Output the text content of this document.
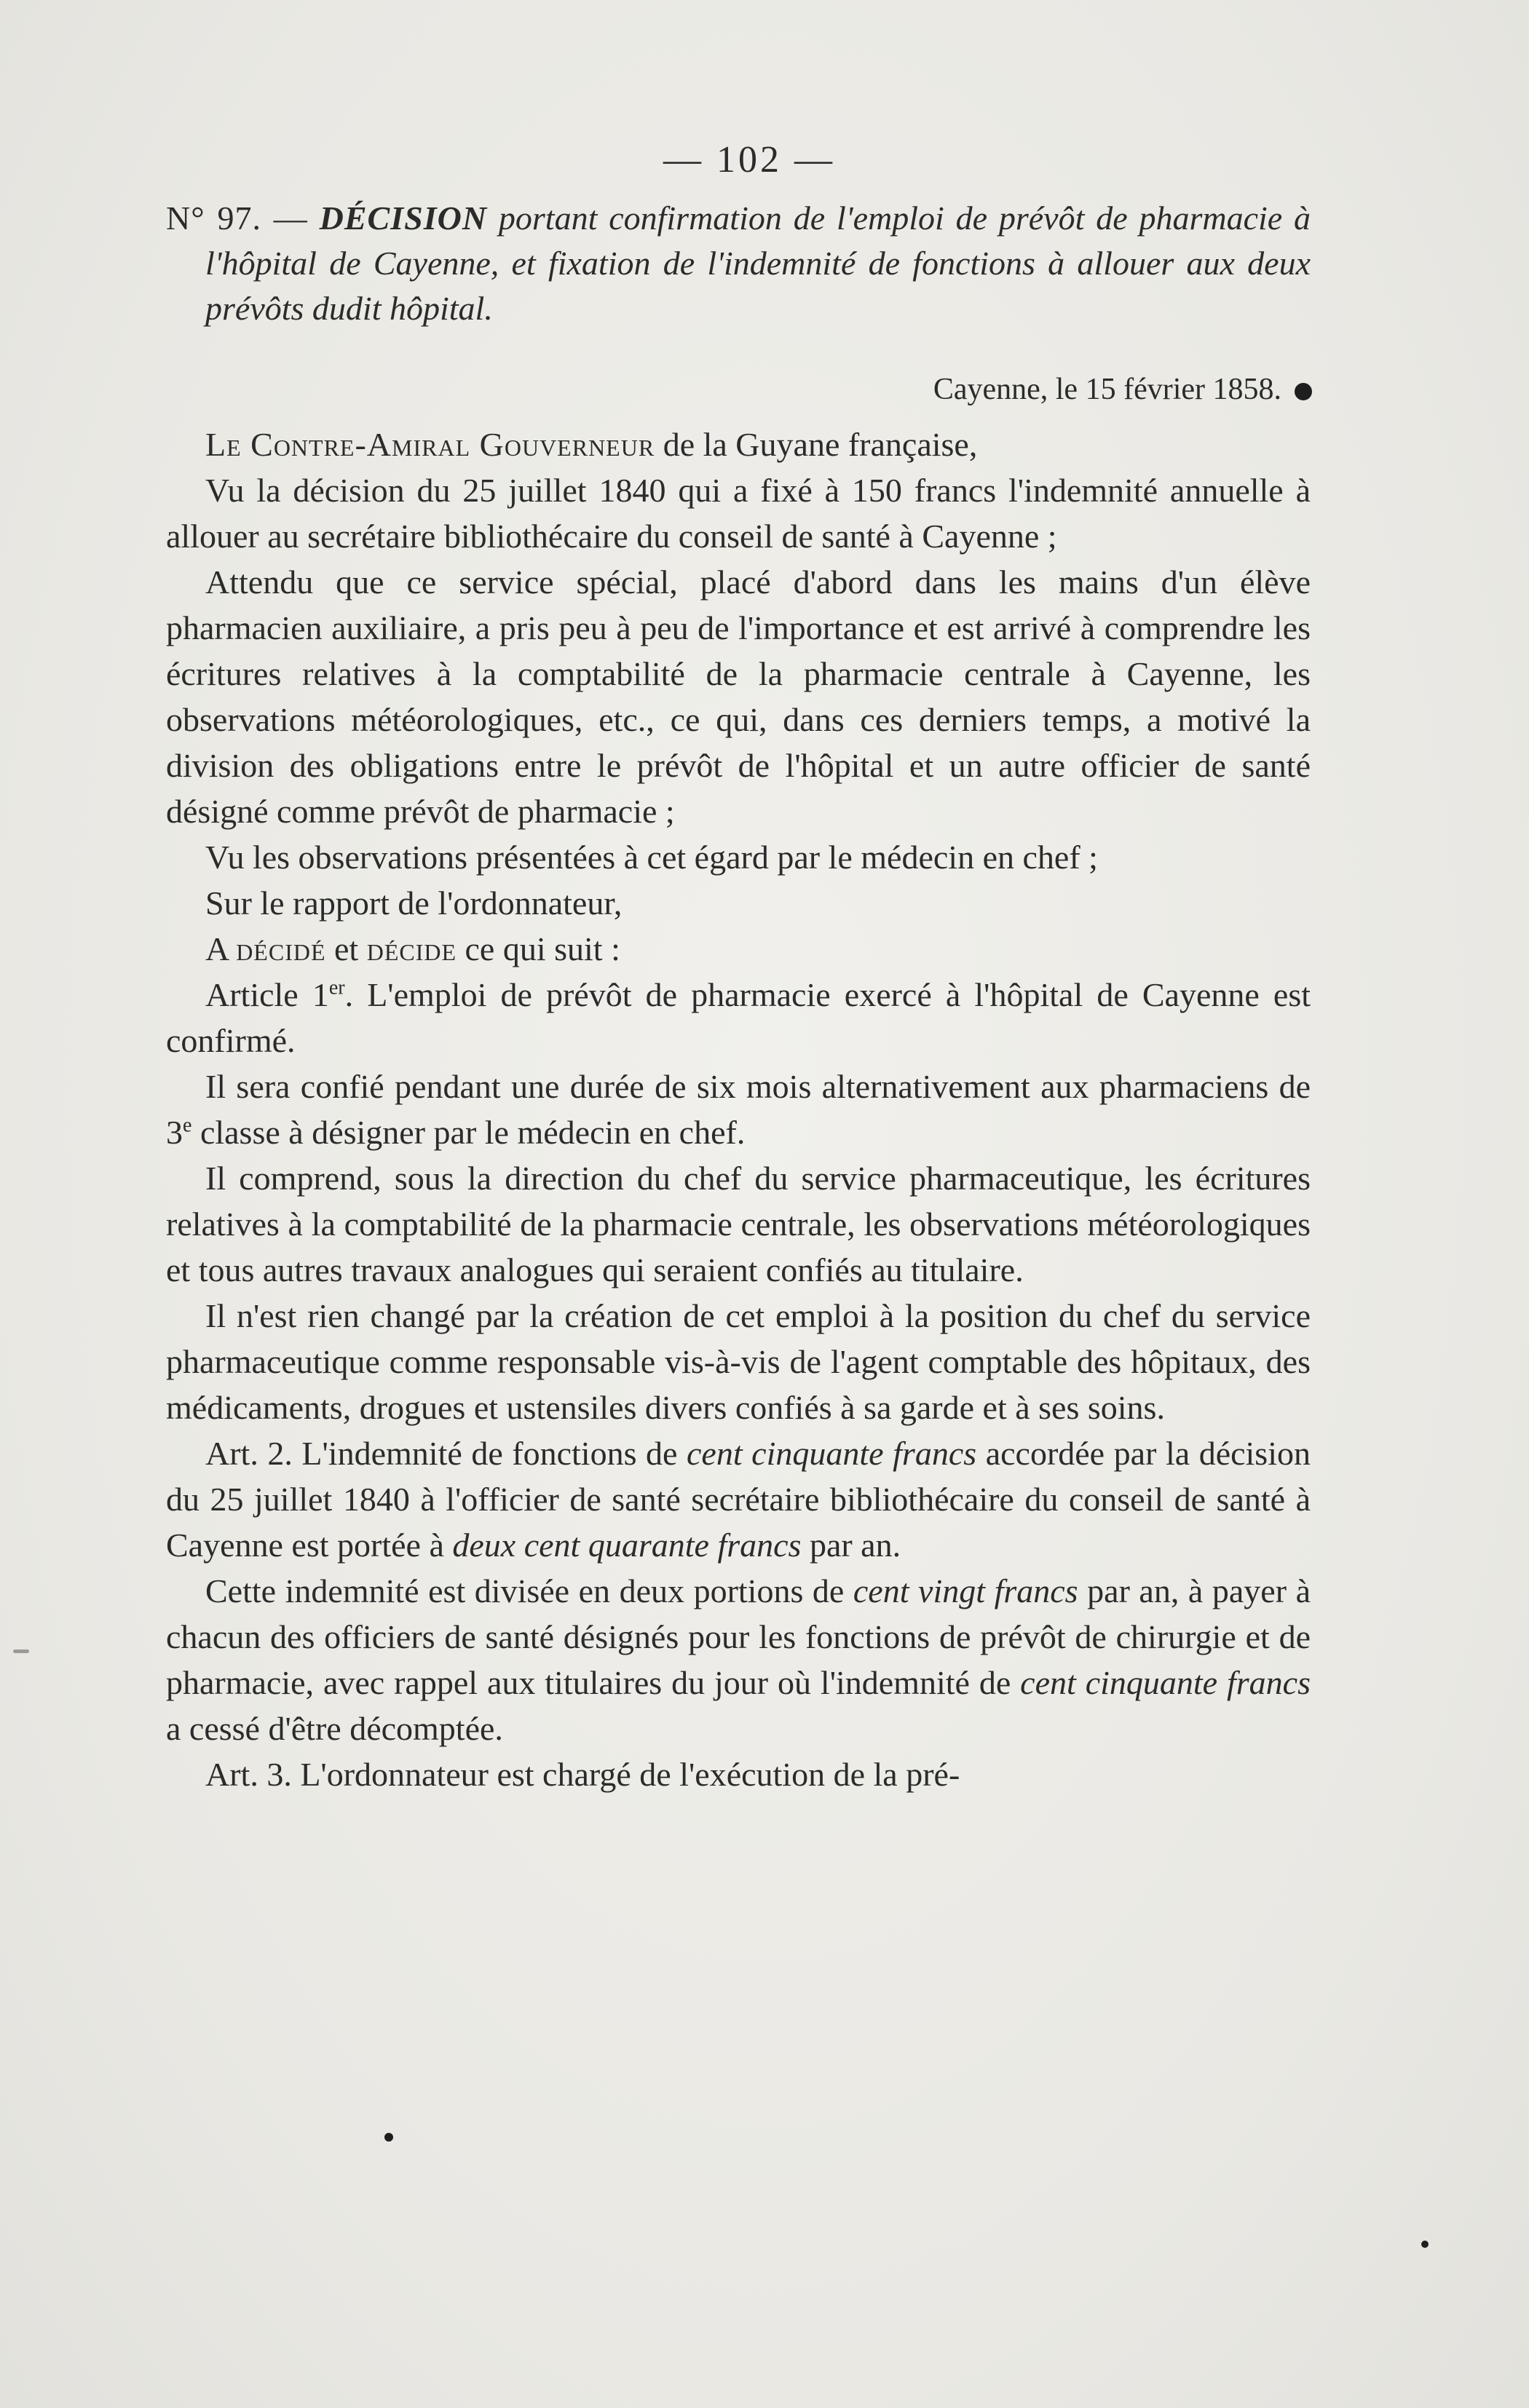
— 102 —

N° 97. — DÉCISION portant confirmation de l'emploi de prévôt de pharmacie à l'hôpital de Cayenne, et fixation de l'indemnité de fonctions à allouer aux deux prévôts dudit hôpital.

Cayenne, le 15 février 1858.

Le Contre-Amiral Gouverneur de la Guyane française,

Vu la décision du 25 juillet 1840 qui a fixé à 150 francs l'indemnité annuelle à allouer au secrétaire bibliothécaire du conseil de santé à Cayenne ;

Attendu que ce service spécial, placé d'abord dans les mains d'un élève pharmacien auxiliaire, a pris peu à peu de l'importance et est arrivé à comprendre les écritures relatives à la comptabilité de la pharmacie centrale à Cayenne, les observations météorologiques, etc., ce qui, dans ces derniers temps, a motivé la division des obligations entre le prévôt de l'hôpital et un autre officier de santé désigné comme prévôt de pharmacie ;

Vu les observations présentées à cet égard par le médecin en chef ;

Sur le rapport de l'ordonnateur,

A décidé et décide ce qui suit :

Article 1er. L'emploi de prévôt de pharmacie exercé à l'hôpital de Cayenne est confirmé.

Il sera confié pendant une durée de six mois alternativement aux pharmaciens de 3e classe à désigner par le médecin en chef.

Il comprend, sous la direction du chef du service pharmaceutique, les écritures relatives à la comptabilité de la pharmacie centrale, les observations météorologiques et tous autres travaux analogues qui seraient confiés au titulaire.

Il n'est rien changé par la création de cet emploi à la position du chef du service pharmaceutique comme responsable vis-à-vis de l'agent comptable des hôpitaux, des médicaments, drogues et ustensiles divers confiés à sa garde et à ses soins.

Art. 2. L'indemnité de fonctions de cent cinquante francs accordée par la décision du 25 juillet 1840 à l'officier de santé secrétaire bibliothécaire du conseil de santé à Cayenne est portée à deux cent quarante francs par an.

Cette indemnité est divisée en deux portions de cent vingt francs par an, à payer à chacun des officiers de santé désignés pour les fonctions de prévôt de chirurgie et de pharmacie, avec rappel aux titulaires du jour où l'indemnité de cent cinquante francs a cessé d'être décomptée.

Art. 3. L'ordonnateur est chargé de l'exécution de la pré-
